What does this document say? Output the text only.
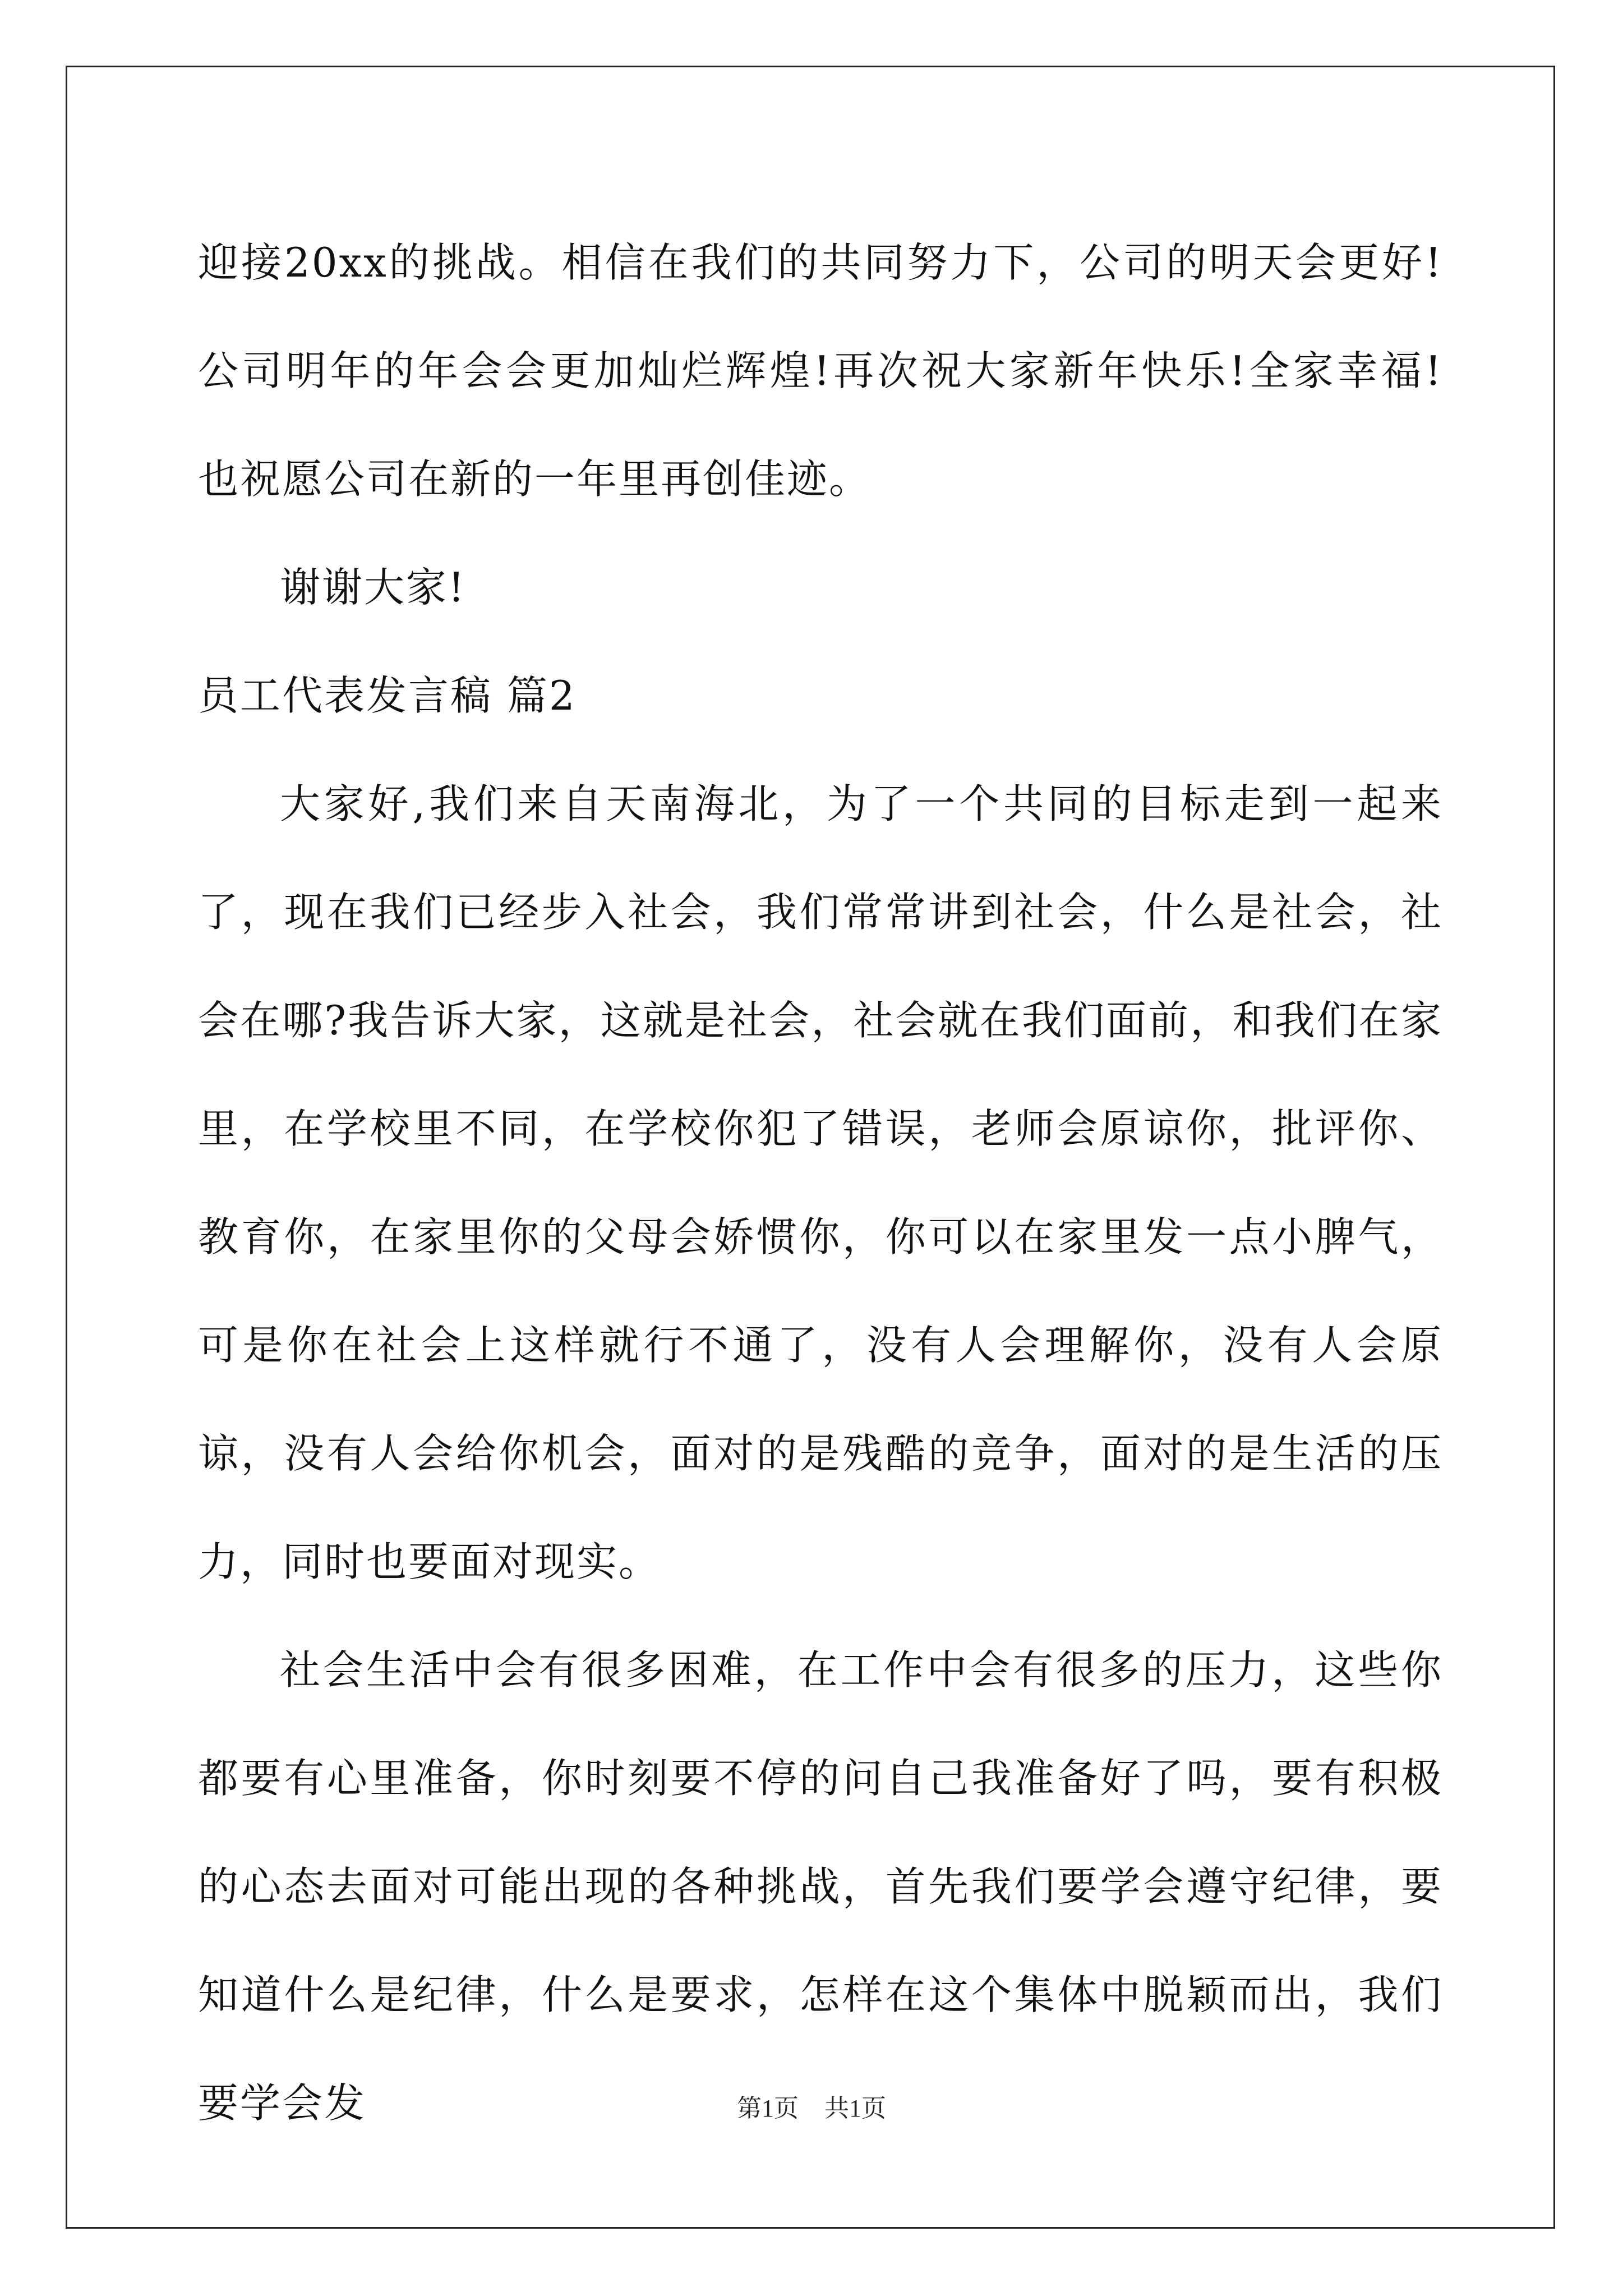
迎接20xx的挑战。相信在我们的共同努力下，公司的明天会更好!公司明年的年会会更加灿烂辉煌!再次祝大家新年快乐!全家幸福! 也祝愿公司在新的一年里再创佳迹。

谢谢大家!

员工代表发言稿 篇2

大家好,我们来自天南海北，为了一个共同的目标走到一起来了，现在我们已经步入社会，我们常常讲到社会，什么是社会，社会在哪?我告诉大家，这就是社会，社会就在我们面前，和我们在家里，在学校里不同，在学校你犯了错误，老师会原谅你，批评你、教育你，在家里你的父母会娇惯你，你可以在家里发一点小脾气，可是你在社会上这样就行不通了，没有人会理解你，没有人会原谅，没有人会给你机会，面对的是残酷的竞争，面对的是生活的压力，同时也要面对现实。

社会生活中会有很多困难，在工作中会有很多的压力，这些你都要有心里准备，你时刻要不停的问自己我准备好了吗，要有积极的心态去面对可能出现的各种挑战，首先我们要学会遵守纪律，要知道什么是纪律，什么是要求，怎样在这个集体中脱颖而出，我们要学会发	第1页 共1页
